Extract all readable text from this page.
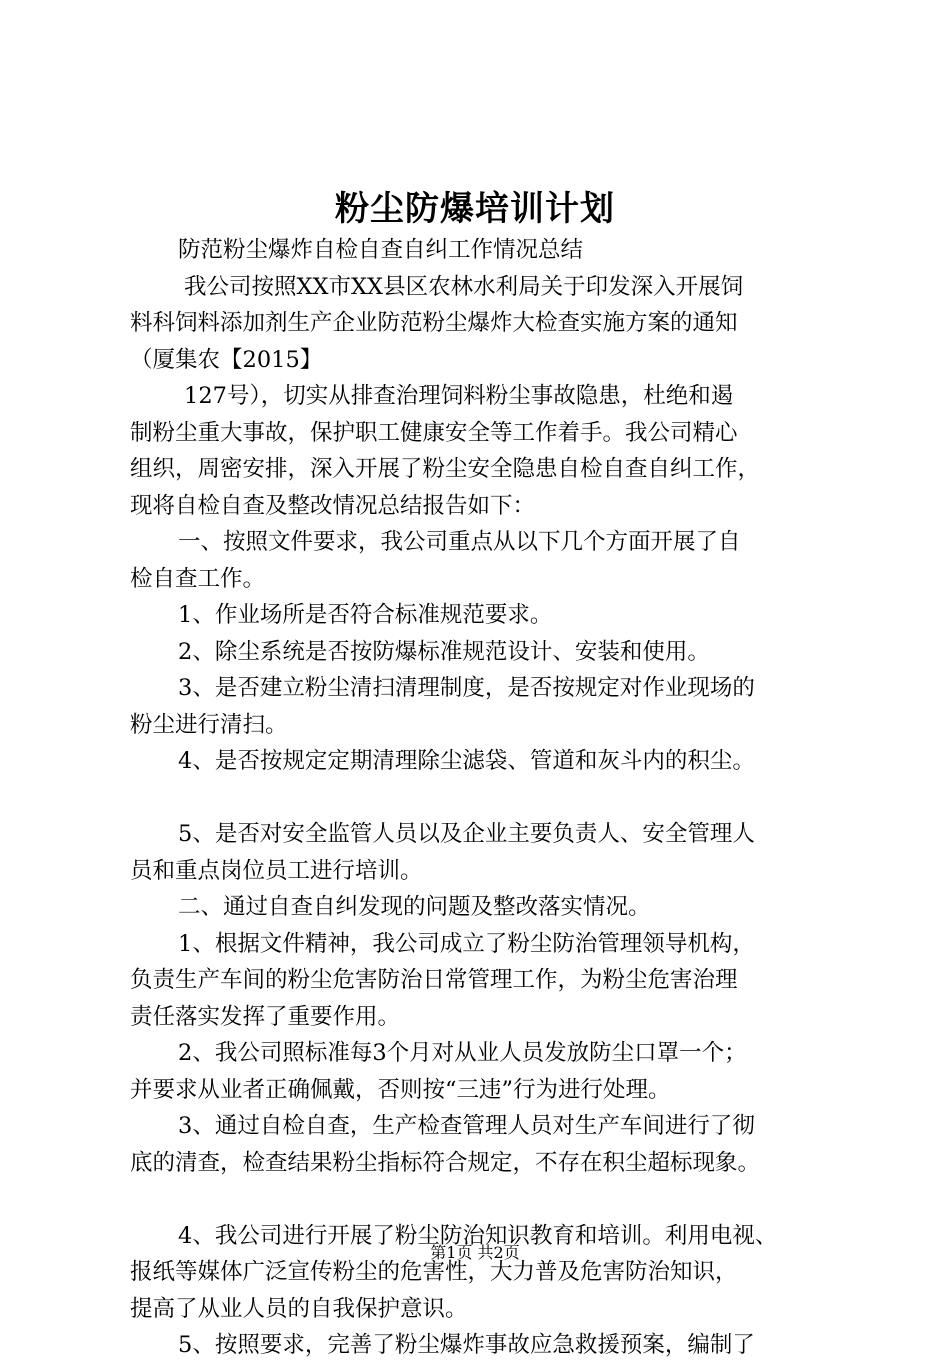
粉尘防爆培训计划
防范粉尘爆炸自检自查自纠工作情况总结
我公司按照XX市XX县区农林水利局关于印发深入开展饲
料科饲料添加剂生产企业防范粉尘爆炸大检查实施方案的通知
（厦集农【2015】
127号），切实从排查治理饲料粉尘事故隐患，杜绝和遏
制粉尘重大事故，保护职工健康安全等工作着手。我公司精心
组织，周密安排，深入开展了粉尘安全隐患自检自查自纠工作，
现将自检自查及整改情况总结报告如下：
一、按照文件要求，我公司重点从以下几个方面开展了自
检自查工作。
1、作业场所是否符合标准规范要求。
2、除尘系统是否按防爆标准规范设计、安装和使用。
3、是否建立粉尘清扫清理制度，是否按规定对作业现场的
粉尘进行清扫。
4、是否按规定定期清理除尘滤袋、管道和灰斗内的积尘。
5、是否对安全监管人员以及企业主要负责人、安全管理人
员和重点岗位员工进行培训。
二、通过自查自纠发现的问题及整改落实情况。
1、根据文件精神，我公司成立了粉尘防治管理领导机构，
负责生产车间的粉尘危害防治日常管理工作，为粉尘危害治理
责任落实发挥了重要作用。
2、我公司照标准每3个月对从业人员发放防尘口罩一个；
并要求从业者正确佩戴，否则按“三违”行为进行处理。
3、通过自检自查，生产检查管理人员对生产车间进行了彻
底的清查，检查结果粉尘指标符合规定，不存在积尘超标现象。
4、我公司进行开展了粉尘防治知识教育和培训。利用电视、
报纸等媒体广泛宣传粉尘的危害性，大力普及危害防治知识，
提高了从业人员的自我保护意识。
5、按照要求，完善了粉尘爆炸事故应急救援预案，编制了
第1页 共2页
